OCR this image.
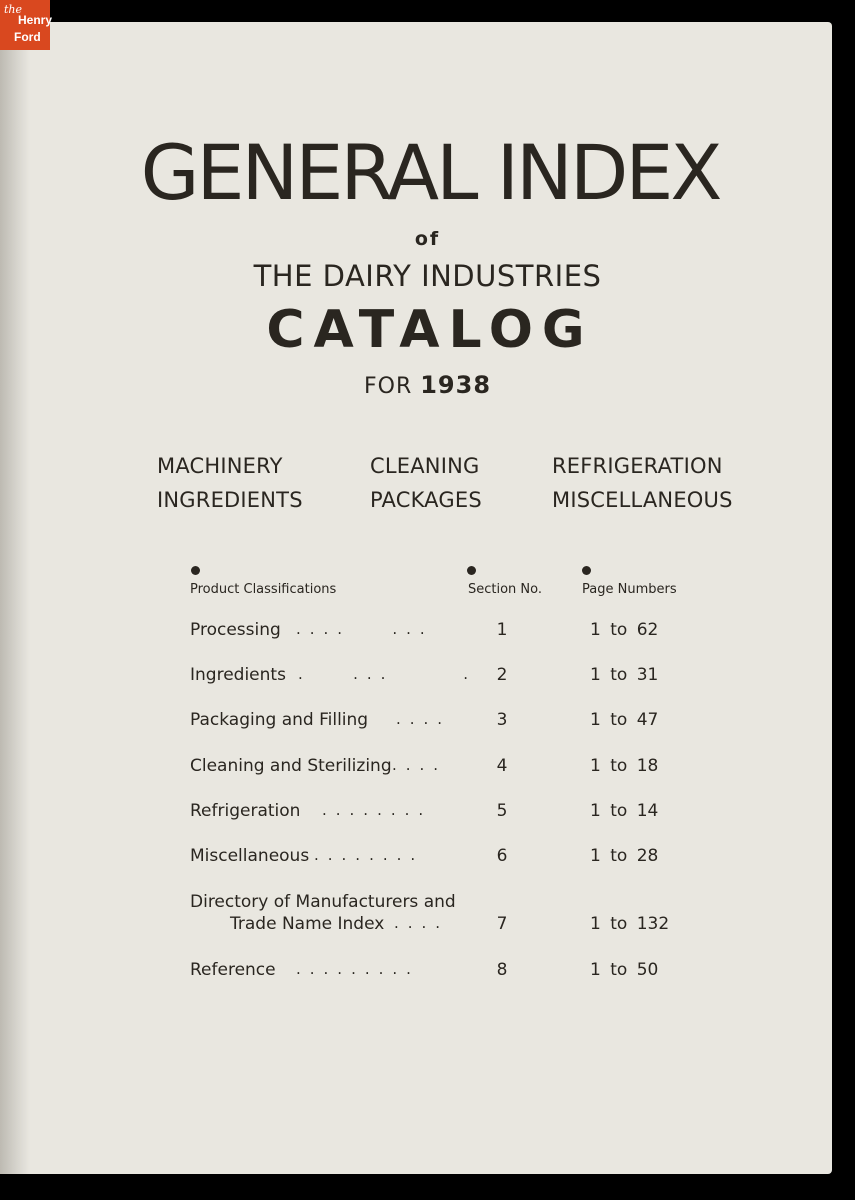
the
Henry
Ford
GENERAL INDEX
of
THE DAIRY INDUSTRIES
CATALOG
FOR 1938
MACHINERY
INGREDIENTS
CLEANING
PACKAGES
REFRIGERATION
MISCELLANEOUS
Product Classifications	Section No.	Page Numbers
Processing ....   ...	1	1 to 62
Ingredients .   ...     . 2	1 to 31
Packaging and Filling ....	3	1 to 47
Cleaning and Sterilizing ....	4	1 to 18
Refrigeration ........	5	1 to 14
Miscellaneous ........	6	1 to 28
Directory of Manufacturers and
Trade Name Index ....	7	1 to 132
Reference .........	8	1 to 50
